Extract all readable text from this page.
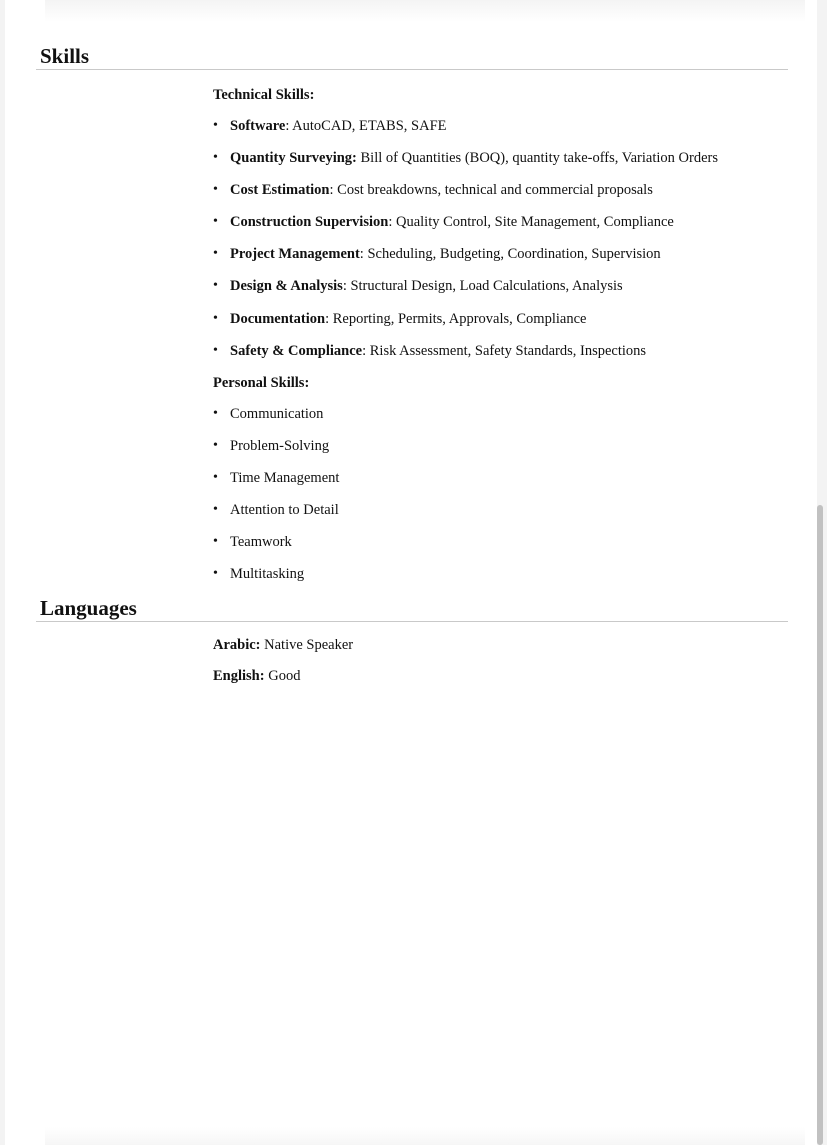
Skills
Technical Skills:
• Software: AutoCAD, ETABS, SAFE
• Quantity Surveying: Bill of Quantities (BOQ), quantity take-offs, Variation Orders
• Cost Estimation: Cost breakdowns, technical and commercial proposals
• Construction Supervision: Quality Control, Site Management, Compliance
• Project Management: Scheduling, Budgeting, Coordination, Supervision
• Design & Analysis: Structural Design, Load Calculations, Analysis
• Documentation: Reporting, Permits, Approvals, Compliance
• Safety & Compliance: Risk Assessment, Safety Standards, Inspections
Personal Skills:
• Communication
• Problem-Solving
• Time Management
• Attention to Detail
• Teamwork
• Multitasking
Languages
Arabic: Native Speaker
English: Good
